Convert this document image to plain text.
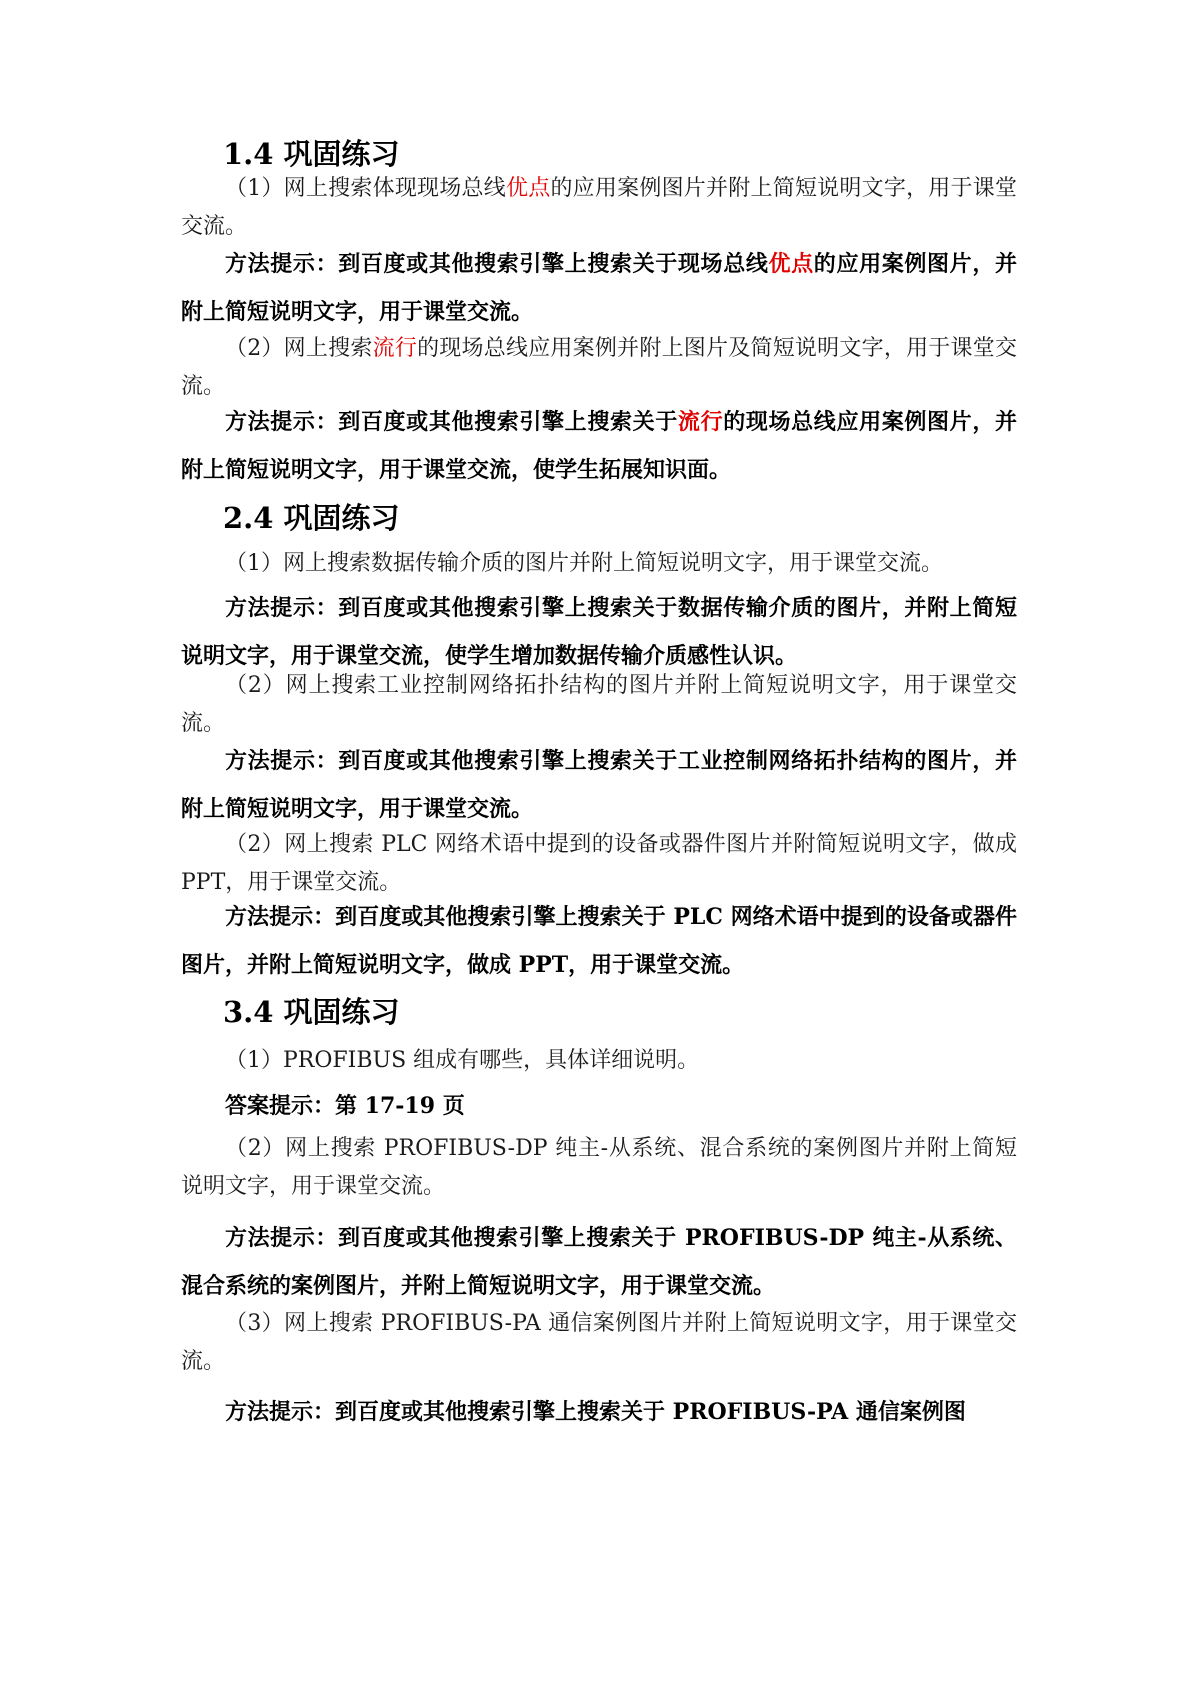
1.4 巩固练习
（1）网上搜索体现现场总线优点的应用案例图片并附上简短说明文字，用于课堂交流。
方法提示：到百度或其他搜索引擎上搜索关于现场总线优点的应用案例图片，并附上简短说明文字，用于课堂交流。
（2）网上搜索流行的现场总线应用案例并附上图片及简短说明文字，用于课堂交流。
方法提示：到百度或其他搜索引擎上搜索关于流行的现场总线应用案例图片，并附上简短说明文字，用于课堂交流，使学生拓展知识面。
2.4 巩固练习
（1）网上搜索数据传输介质的图片并附上简短说明文字，用于课堂交流。
方法提示：到百度或其他搜索引擎上搜索关于数据传输介质的图片，并附上简短说明文字，用于课堂交流，使学生增加数据传输介质感性认识。
（2）网上搜索工业控制网络拓扑结构的图片并附上简短说明文字，用于课堂交流。
方法提示：到百度或其他搜索引擎上搜索关于工业控制网络拓扑结构的图片，并附上简短说明文字，用于课堂交流。
（2）网上搜索 PLC 网络术语中提到的设备或器件图片并附简短说明文字，做成 PPT，用于课堂交流。
方法提示：到百度或其他搜索引擎上搜索关于 PLC 网络术语中提到的设备或器件图片，并附上简短说明文字，做成 PPT，用于课堂交流。
3.4 巩固练习
（1）PROFIBUS 组成有哪些，具体详细说明。
答案提示：第 17-19 页
（2）网上搜索 PROFIBUS-DP 纯主-从系统、混合系统的案例图片并附上简短说明文字，用于课堂交流。
方法提示：到百度或其他搜索引擎上搜索关于 PROFIBUS-DP 纯主-从系统、混合系统的案例图片，并附上简短说明文字，用于课堂交流。
（3）网上搜索 PROFIBUS-PA 通信案例图片并附上简短说明文字，用于课堂交流。
方法提示：到百度或其他搜索引擎上搜索关于 PROFIBUS-PA 通信案例图
